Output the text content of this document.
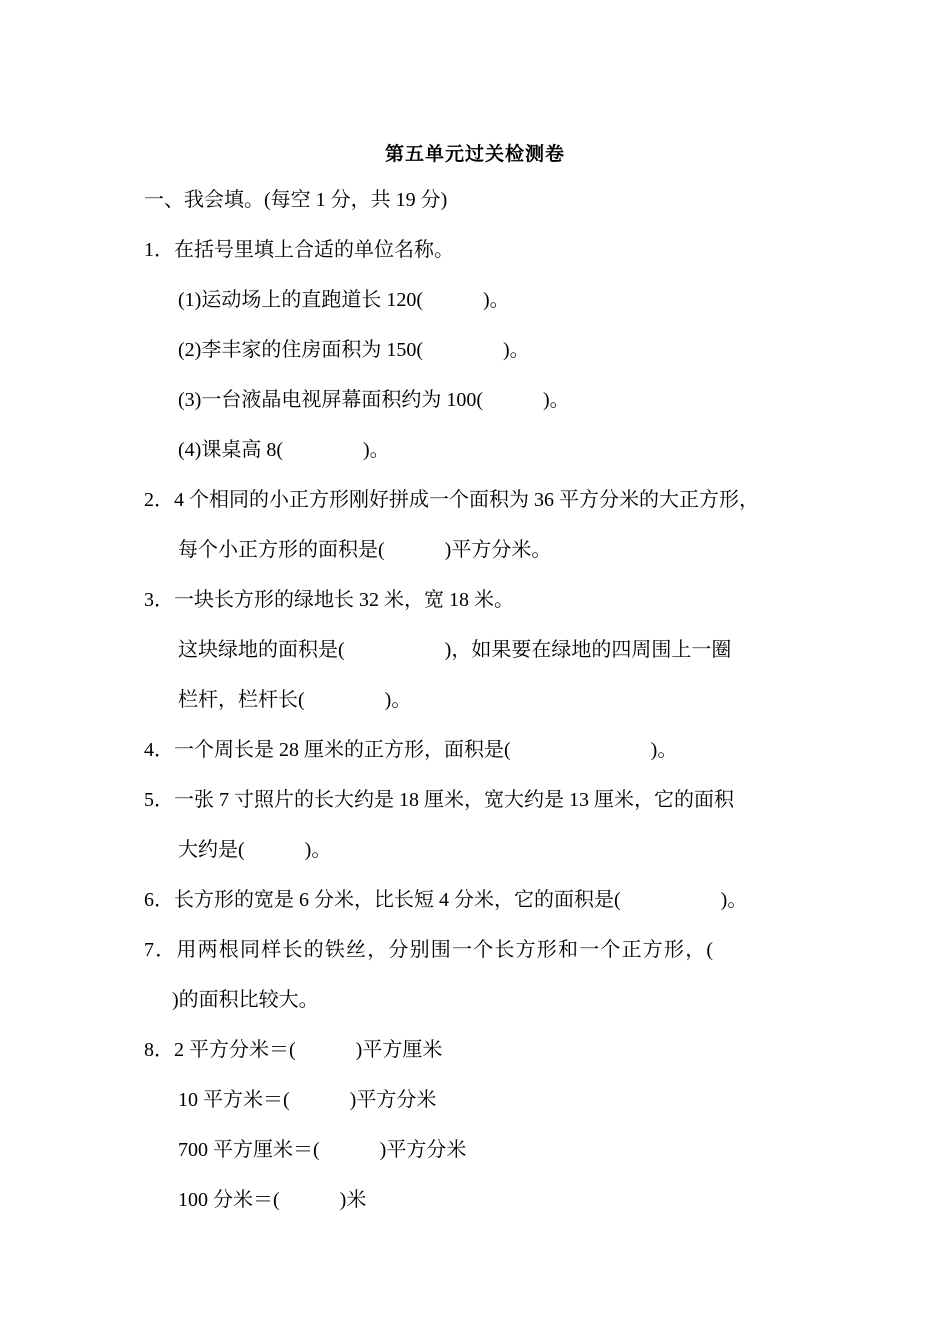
第五单元过关检测卷
一、我会填。(每空 1 分，共 19 分)
1．在括号里填上合适的单位名称。
(1)运动场上的直跑道长 120(　　　)。
(2)李丰家的住房面积为 150(　　　　)。
(3)一台液晶电视屏幕面积约为 100(　　　)。
(4)课桌高 8(　　　　)。
2．4 个相同的小正方形刚好拼成一个面积为 36 平方分米的大正方形，
每个小正方形的面积是(　　　)平方分米。
3．一块长方形的绿地长 32 米，宽 18 米。
这块绿地的面积是(　　　　　)，如果要在绿地的四周围上一圈
栏杆，栏杆长(　　　　)。
4．一个周长是 28 厘米的正方形，面积是(　　　　　　　)。
5．一张 7 寸照片的长大约是 18 厘米，宽大约是 13 厘米，它的面积
大约是(　　　)。
6．长方形的宽是 6 分米，比长短 4 分米，它的面积是(　　　　　)。
7．用两根同样长的铁丝，分别围一个长方形和一个正方形，(
)的面积比较大。
8．2 平方分米＝(　　　)平方厘米
10 平方米＝(　　　)平方分米
700 平方厘米＝(　　　)平方分米
100 分米＝(　　　)米
